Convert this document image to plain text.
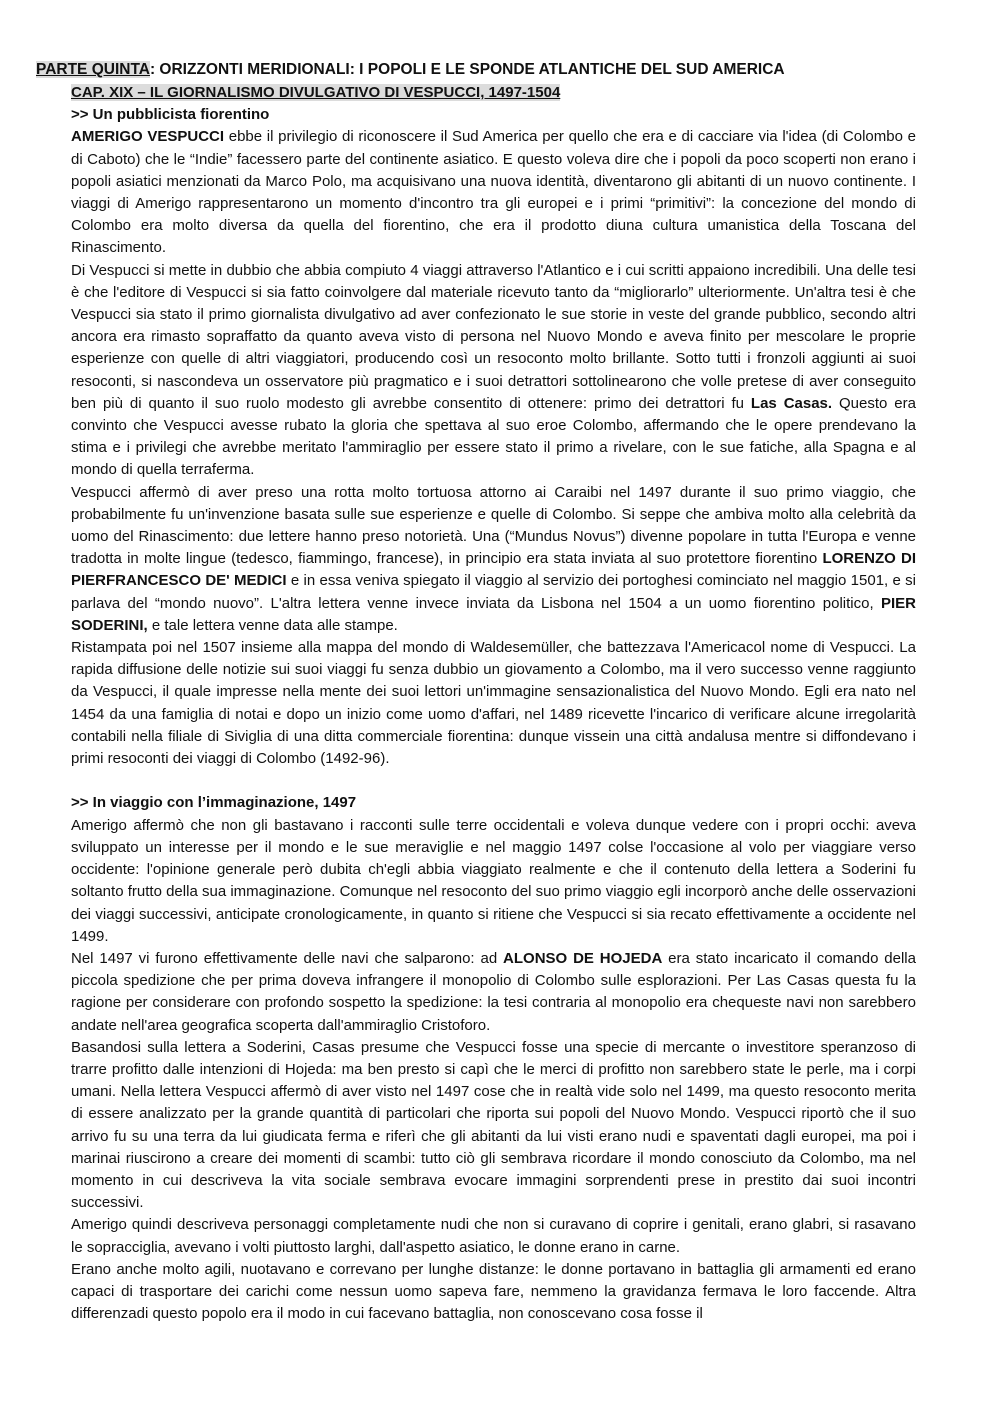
PARTE QUINTA: ORIZZONTI MERIDIONALI: I POPOLI E LE SPONDE ATLANTICHE DEL SUD AMERICA

CAP. XIX – IL GIORNALISMO DIVULGATIVO DI VESPUCCI, 1497-1504

>> Un pubblicista fiorentino

AMERIGO VESPUCCI ebbe il privilegio di riconoscere il Sud America per quello che era e di cacciare via l'idea (di Colombo e di Caboto) che le “Indie” facessero parte del continente asiatico. E questo voleva dire che i popoli da poco scoperti non erano i popoli asiatici menzionati da Marco Polo, ma acquisivano una nuova identità, diventarono gli abitanti di un nuovo continente. I viaggi di Amerigo rappresentarono un momento d'incontro tra gli europei e i primi “primitivi”: la concezione del mondo di Colombo era molto diversa da quella del fiorentino, che era il prodotto diuna cultura umanistica della Toscana del Rinascimento.

Di Vespucci si mette in dubbio che abbia compiuto 4 viaggi attraverso l'Atlantico e i cui scritti appaiono incredibili. Una delle tesi è che l'editore di Vespucci si sia fatto coinvolgere dal materiale ricevuto tanto da “migliorarlo” ulteriormente. Un'altra tesi è che Vespucci sia stato il primo giornalista divulgativo ad aver confezionato le sue storie in veste del grande pubblico, secondo altri ancora era rimasto sopraffatto da quanto aveva visto di persona nel Nuovo Mondo e aveva finito per mescolare le proprie esperienze con quelle di altri viaggiatori, producendo così un resoconto molto brillante. Sotto tutti i fronzoli aggiunti ai suoi resoconti, si nascondeva un osservatore più pragmatico e i suoi detrattori sottolinearono che volle pretese di aver conseguito ben più di quanto il suo ruolo modesto gli avrebbe consentito di ottenere: primo dei detrattori fu Las Casas. Questo era convinto che Vespucci avesse rubato la gloria che spettava al suo eroe Colombo, affermando che le opere prendevano la stima e i privilegi che avrebbe meritato l'ammiraglio per essere stato il primo a rivelare, con le sue fatiche, alla Spagna e al mondo di quella terraferma.

Vespucci affermò di aver preso una rotta molto tortuosa attorno ai Caraibi nel 1497 durante il suo primo viaggio, che probabilmente fu un'invenzione basata sulle sue esperienze e quelle di Colombo. Si seppe che ambiva molto alla celebrità da uomo del Rinascimento: due lettere hanno preso notorietà. Una (“Mundus Novus”) divenne popolare in tutta l'Europa e venne tradotta in molte lingue (tedesco, fiammingo, francese), in principio era stata inviata al suo protettore fiorentino LORENZO DI PIERFRANCESCO DE' MEDICI e in essa veniva spiegato il viaggio al servizio dei portoghesi cominciato nel maggio 1501, e si parlava del “mondo nuovo”. L'altra lettera venne invece inviata da Lisbona nel 1504 a un uomo fiorentino politico, PIER SODERINI, e tale lettera venne data alle stampe.

Ristampata poi nel 1507 insieme alla mappa del mondo di Waldesemüller, che battezzava l'Americacol nome di Vespucci. La rapida diffusione delle notizie sui suoi viaggi fu senza dubbio un giovamento a Colombo, ma il vero successo venne raggiunto da Vespucci, il quale impresse nella mente dei suoi lettori un'immagine sensazionalistica del Nuovo Mondo. Egli era nato nel 1454 da una famiglia di notai e dopo un inizio come uomo d'affari, nel 1489 ricevette l'incarico di verificare alcune irregolarità contabili nella filiale di Siviglia di una ditta commerciale fiorentina: dunque vissein una città andalusa mentre si diffondevano i primi resoconti dei viaggi di Colombo (1492-96).

>> In viaggio con l’immaginazione, 1497

Amerigo affermò che non gli bastavano i racconti sulle terre occidentali e voleva dunque vedere con i propri occhi: aveva sviluppato un interesse per il mondo e le sue meraviglie e nel maggio 1497 colse l'occasione al volo per viaggiare verso occidente: l'opinione generale però dubita ch'egli abbia viaggiato realmente e che il contenuto della lettera a Soderini fu soltanto frutto della sua immaginazione. Comunque nel resoconto del suo primo viaggio egli incorporò anche delle osservazioni dei viaggi successivi, anticipate cronologicamente, in quanto si ritiene che Vespucci si sia recato effettivamente a occidente nel 1499.

Nel 1497 vi furono effettivamente delle navi che salparono: ad ALONSO DE HOJEDA era stato incaricato il comando della piccola spedizione che per prima doveva infrangere il monopolio di Colombo sulle esplorazioni. Per Las Casas questa fu la ragione per considerare con profondo sospetto la spedizione: la tesi contraria al monopolio era chequeste navi non sarebbero andate nell'area geografica scoperta dall'ammiraglio Cristoforo.

Basandosi sulla lettera a Soderini, Casas presume che Vespucci fosse una specie di mercante o investitore speranzoso di trarre profitto dalle intenzioni di Hojeda: ma ben presto si capì che le merci di profitto non sarebbero state le perle, ma i corpi umani. Nella lettera Vespucci affermò di aver visto nel 1497 cose che in realtà vide solo nel 1499, ma questo resoconto merita di essere analizzato per la grande quantità di particolari che riporta sui popoli del Nuovo Mondo. Vespucci riportò che il suo arrivo fu su una terra da lui giudicata ferma e riferì che gli abitanti da lui visti erano nudi e spaventati dagli europei, ma poi i marinai riuscirono a creare dei momenti di scambi: tutto ciò gli sembrava ricordare il mondo conosciuto da Colombo, ma nel momento in cui descriveva la vita sociale sembrava evocare immagini sorprendenti prese in prestito dai suoi incontri successivi.

Amerigo quindi descriveva personaggi completamente nudi che non si curavano di coprire i genitali, erano glabri, si rasavano le sopracciglia, avevano i volti piuttosto larghi, dall'aspetto asiatico, le donne erano in carne.

Erano anche molto agili, nuotavano e correvano per lunghe distanze: le donne portavano in battaglia gli armamenti ed erano capaci di trasportare dei carichi come nessun uomo sapeva fare, nemmeno la gravidanza fermava le loro faccende. Altra differenzadi questo popolo era il modo in cui facevano battaglia, non conoscevano cosa fosse il
